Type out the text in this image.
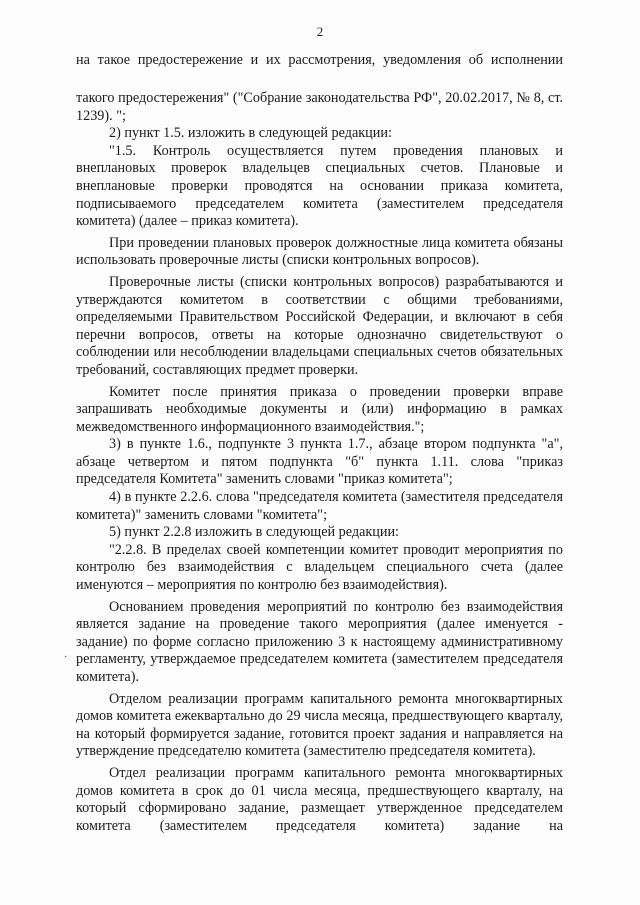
2

на такое предостережение и их рассмотрения, уведомления об исполнении

такого предостережения" ("Собрание законодательства РФ", 20.02.2017, № 8, ст. 1239). ";

2) пункт 1.5. изложить в следующей редакции:

"1.5. Контроль осуществляется путем проведения плановых и внеплановых проверок владельцев специальных счетов. Плановые и внеплановые проверки проводятся на основании приказа комитета, подписываемого председателем комитета (заместителем председателя комитета) (далее – приказ комитета).

При проведении плановых проверок должностные лица комитета обязаны использовать проверочные листы (списки контрольных вопросов).

Проверочные листы (списки контрольных вопросов) разрабатываются и утверждаются комитетом в соответствии с общими требованиями, определяемыми Правительством Российской Федерации, и включают в себя перечни вопросов, ответы на которые однозначно свидетельствуют о соблюдении или несоблюдении владельцами специальных счетов обязательных требований, составляющих предмет проверки.

Комитет после принятия приказа о проведении проверки вправе запрашивать необходимые документы и (или) информацию в рамках межведомственного информационного взаимодействия.";

3) в пункте 1.6., подпункте 3 пункта 1.7., абзаце втором подпункта "а", абзаце четвертом и пятом подпункта "б" пункта 1.11. слова "приказ председателя Комитета" заменить словами "приказ комитета";

4) в пункте 2.2.6. слова "председателя комитета (заместителя председателя комитета)" заменить словами "комитета";

5) пункт 2.2.8 изложить в следующей редакции:

"2.2.8. В пределах своей компетенции комитет проводит мероприятия по контролю без взаимодействия с владельцем специального счета (далее именуются – мероприятия по контролю без взаимодействия).

Основанием проведения мероприятий по контролю без взаимодействия является задание на проведение такого мероприятия (далее именуется - задание) по форме согласно приложению 3 к настоящему административному регламенту, утверждаемое председателем комитета (заместителем председателя комитета).

Отделом реализации программ капитального ремонта многоквартирных домов комитета ежеквартально до 29 числа месяца, предшествующего кварталу, на который формируется задание, готовится проект задания и направляется на утверждение председателю комитета (заместителю председателя комитета).

Отдел реализации программ капитального ремонта многоквартирных домов комитета в срок до 01 числа месяца, предшествующего кварталу, на который сформировано задание, размещает утвержденное председателем комитета (заместителем председателя комитета) задание на

·
